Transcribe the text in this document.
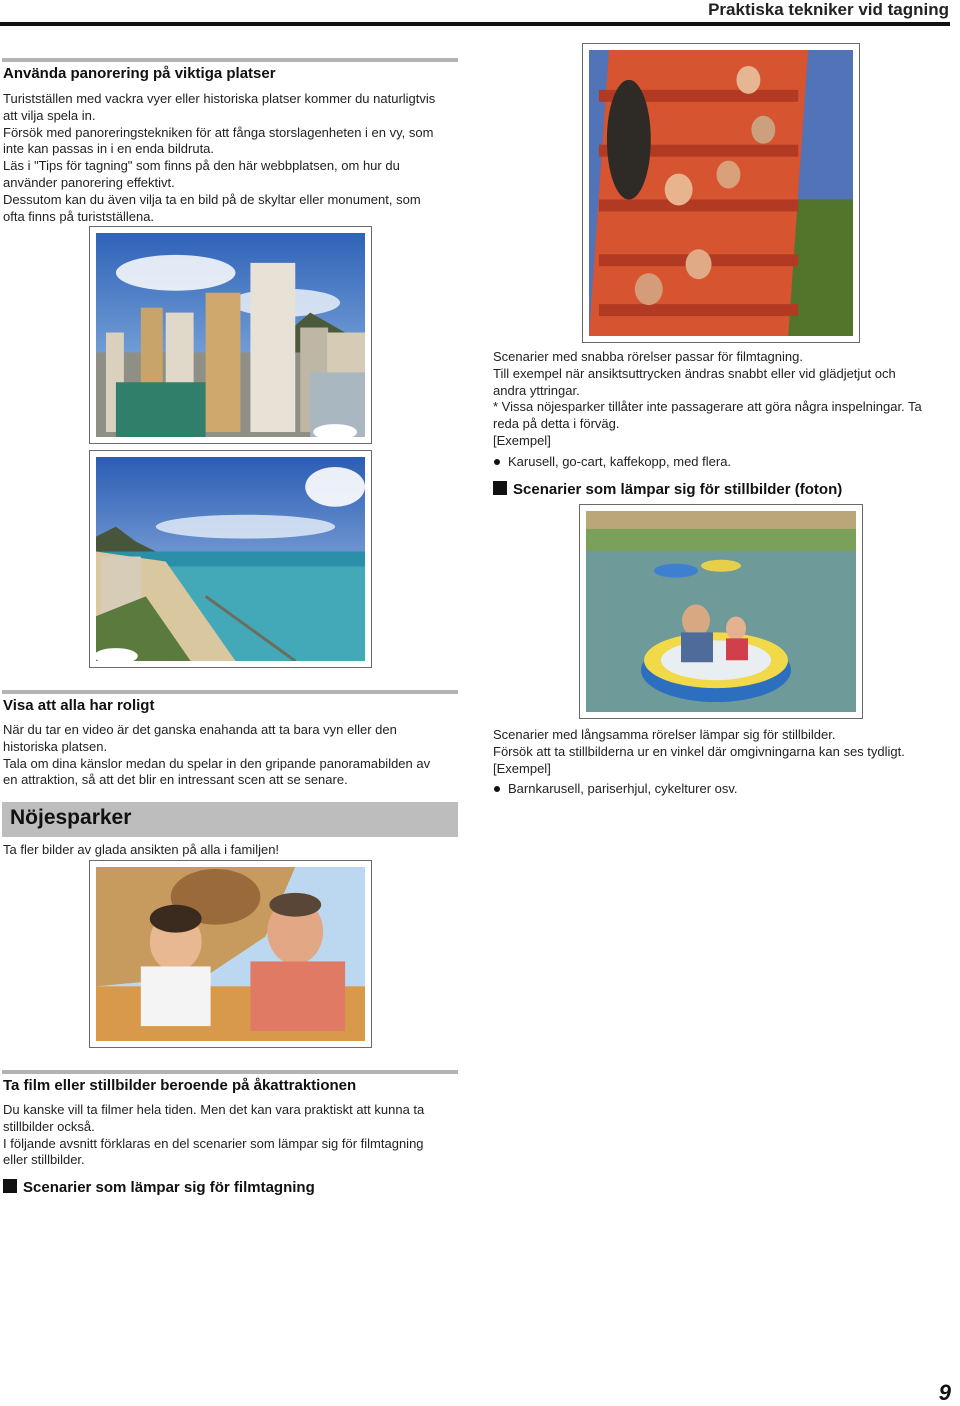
Praktiska tekniker vid tagning
Använda panorering på viktiga platser

Turistställen med vackra vyer eller historiska platser kommer du naturligtvis

att vilja spela in.

Försök med panoreringstekniken för att fånga storslagenheten i en vy, som

inte kan passas in i en enda bildruta.

Läs i "Tips för tagning" som finns på den här webbplatsen, om hur du

använder panorering effektivt.

Dessutom kan du även vilja ta en bild på de skyltar eller monument, som

ofta finns på turistställena.

Visa att alla har roligt

När du tar en video är det ganska enahanda att ta bara vyn eller den

historiska platsen.

Tala om dina känslor medan du spelar in den gripande panoramabilden av

en attraktion, så att det blir en intressant scen att se senare.

Nöjesparker
Ta fler bilder av glada ansikten på alla i familjen!
Ta film eller stillbilder beroende på åkattraktionen

Du kanske vill ta filmer hela tiden. Men det kan vara praktiskt att kunna ta

stillbilder också.

I följande avsnitt förklaras en del scenarier som lämpar sig för filmtagning

eller stillbilder.

Scenarier som lämpar sig för filmtagning

Scenarier med snabba rörelser passar för filmtagning.

Till exempel när ansiktsuttrycken ändras snabbt eller vid glädjetjut och

andra yttringar.

* Vissa nöjesparker tillåter inte passagerare att göra några inspelningar. Ta

reda på detta i förväg.

[Exempel]

Karusell, go-cart, kaffekopp, med flera.
Scenarier som lämpar sig för stillbilder (foton)

Scenarier med långsamma rörelser lämpar sig för stillbilder.

Försök att ta stillbilderna ur en vinkel där omgivningarna kan ses tydligt.

[Exempel]

Barnkarusell, pariserhjul, cykelturer osv.
9
